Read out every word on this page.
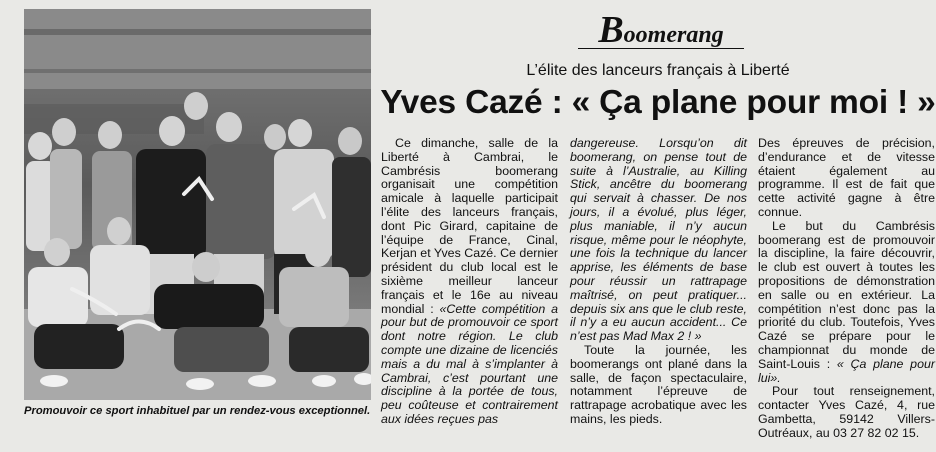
Promouvoir ce sport inhabituel par un rendez-vous exceptionnel.
Boomerang
L’élite des lanceurs français à Liberté
Yves Cazé : « Ça plane pour moi ! »

Ce dimanche, salle de la Liberté à Cambrai, le Cambrésis boomerang organisait une compétition amicale à laquelle participait l’élite des lanceurs français, dont Pic Girard, capitaine de l’équipe de France, Cinal, Kerjan et Yves Cazé. Ce dernier président du club local est le sixième meilleur lanceur français et le 16e au niveau mondial : «Cette compétition a pour but de promouvoir ce sport dont notre région. Le club compte une dizaine de licenciés mais a du mal à s’implanter à Cambrai, c’est pourtant une discipline à la portée de tous, peu coûteuse et contrairement aux idées reçues pas

dangereuse. Lorsqu’on dit boomerang, on pense tout de suite à l’Australie, au Killing Stick, ancêtre du boomerang qui servait à chasser. De nos jours, il a évolué, plus léger, plus maniable, il n’y aucun risque, même pour le néophyte, une fois la technique du lancer apprise, les éléments de base pour réussir un rattrapage maîtrisé, on peut pratiquer... depuis six ans que le club reste, il n’y a eu aucun accident... Ce n’est pas Mad Max 2 ! »

Toute la journée, les boomerangs ont plané dans la salle, de façon spectaculaire, notamment l’épreuve de rattrapage acrobatique avec les mains, les pieds.

Des épreuves de précision, d’endurance et de vitesse étaient également au programme. Il est de fait que cette activité gagne à être connue.

Le but du Cambrésis boomerang est de promouvoir la discipline, la faire découvrir, le club est ouvert à toutes les propositions de démonstration en salle ou en extérieur. La compétition n’est donc pas la priorité du club. Toutefois, Yves Cazé se prépare pour le championnat du monde de Saint-Louis : « Ça plane pour lui».

Pour tout renseignement, contacter Yves Cazé, 4, rue Gambetta, 59142 Villers-Outréaux, au 03 27 82 02 15.
